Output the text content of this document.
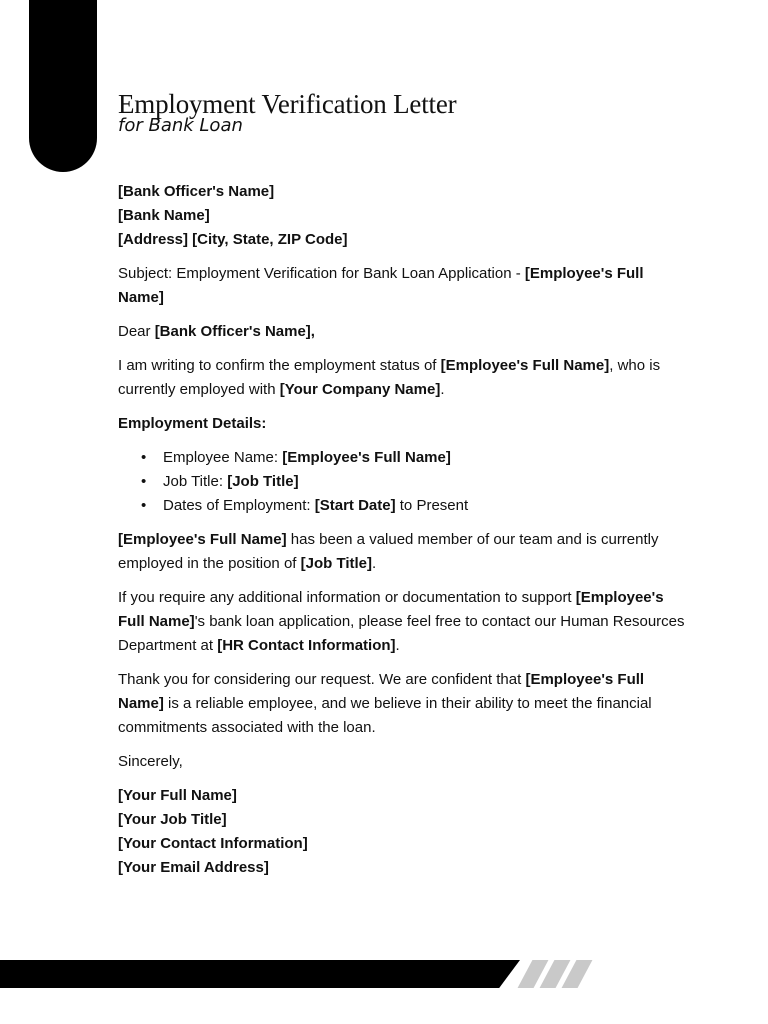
Employment Verification Letter
for Bank Loan
[Bank Officer's Name]
[Bank Name]
[Address] [City, State, ZIP Code]

Subject: Employment Verification for Bank Loan Application - [Employee's Full Name]

Dear [Bank Officer's Name],

I am writing to confirm the employment status of [Employee's Full Name], who is currently employed with [Your Company Name].

Employment Details:

• Employee Name: [Employee's Full Name]
• Job Title: [Job Title]
• Dates of Employment: [Start Date] to Present

[Employee's Full Name] has been a valued member of our team and is currently employed in the position of [Job Title].

If you require any additional information or documentation to support [Employee's Full Name]'s bank loan application, please feel free to contact our Human Resources Department at [HR Contact Information].

Thank you for considering our request. We are confident that [Employee's Full Name] is a reliable employee, and we believe in their ability to meet the financial commitments associated with the loan.

Sincerely,

[Your Full Name]
[Your Job Title]
[Your Contact Information]
[Your Email Address]
